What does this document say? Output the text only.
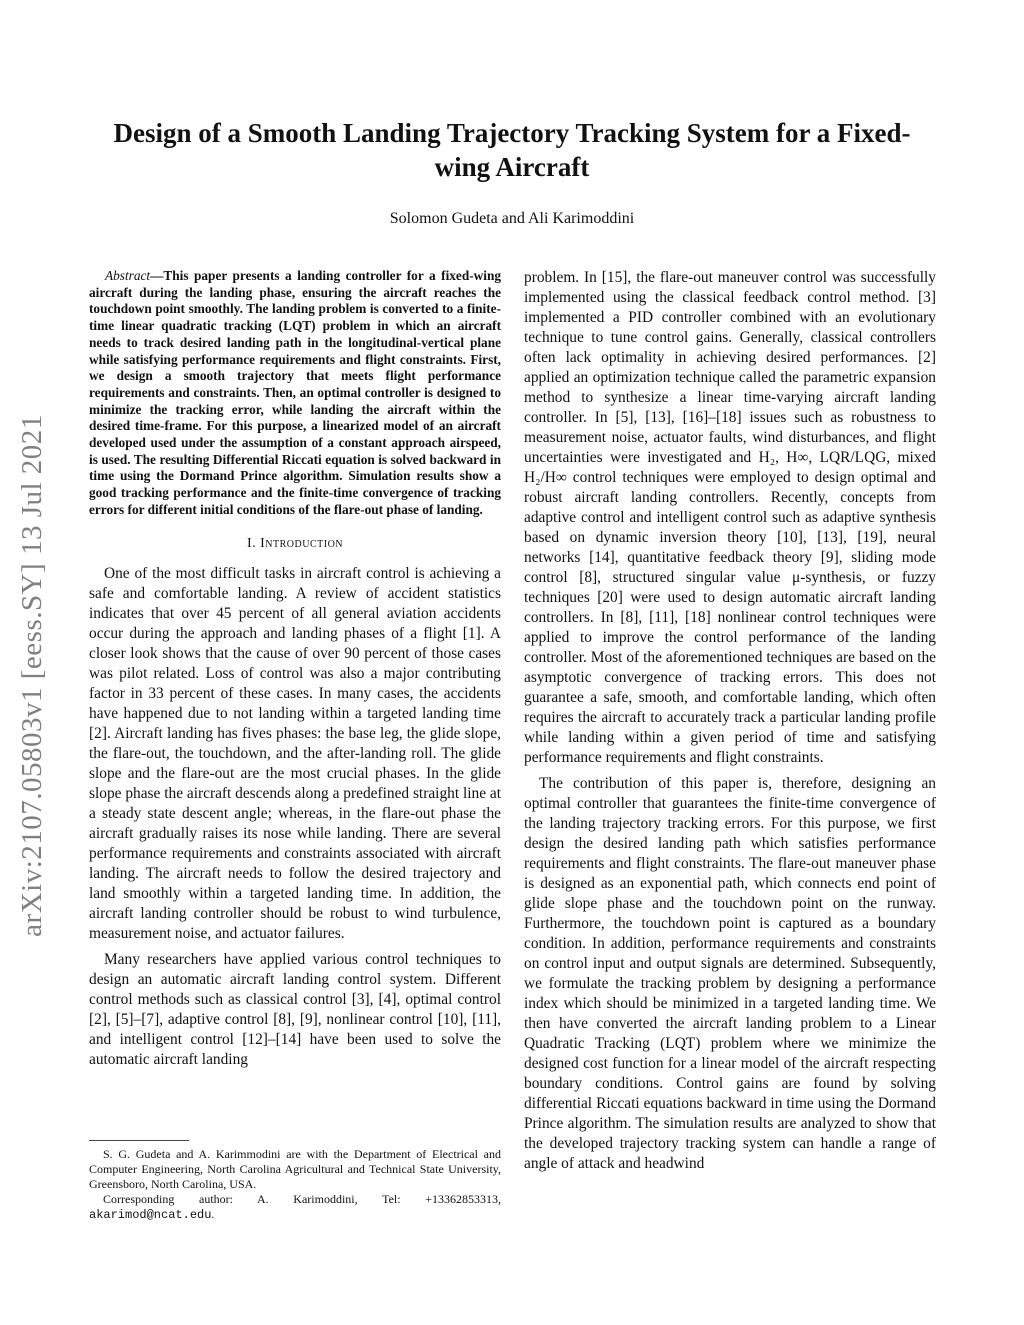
arXiv:2107.05803v1 [eess.SY] 13 Jul 2021
Design of a Smooth Landing Trajectory Tracking System for a Fixed-wing Aircraft
Solomon Gudeta and Ali Karimoddini

Abstract—This paper presents a landing controller for a fixed-wing aircraft during the landing phase, ensuring the aircraft reaches the touchdown point smoothly. The landing problem is converted to a finite-time linear quadratic tracking (LQT) problem in which an aircraft needs to track desired landing path in the longitudinal-vertical plane while satisfying performance requirements and flight constraints. First, we design a smooth trajectory that meets flight performance requirements and constraints. Then, an optimal controller is designed to minimize the tracking error, while landing the aircraft within the desired time-frame. For this purpose, a linearized model of an aircraft developed used under the assumption of a constant approach airspeed, is used. The resulting Differential Riccati equation is solved backward in time using the Dormand Prince algorithm. Simulation results show a good tracking performance and the finite-time convergence of tracking errors for different initial conditions of the flare-out phase of landing.

I. Introduction

One of the most difficult tasks in aircraft control is achieving a safe and comfortable landing. A review of accident statistics indicates that over 45 percent of all general aviation accidents occur during the approach and landing phases of a flight [1]. A closer look shows that the cause of over 90 percent of those cases was pilot related. Loss of control was also a major contributing factor in 33 percent of these cases. In many cases, the accidents have happened due to not landing within a targeted landing time [2]. Aircraft landing has fives phases: the base leg, the glide slope, the flare-out, the touchdown, and the after-landing roll. The glide slope and the flare-out are the most crucial phases. In the glide slope phase the aircraft descends along a predefined straight line at a steady state descent angle; whereas, in the flare-out phase the aircraft gradually raises its nose while landing. There are several performance requirements and constraints associated with aircraft landing. The aircraft needs to follow the desired trajectory and land smoothly within a targeted landing time. In addition, the aircraft landing controller should be robust to wind turbulence, measurement noise, and actuator failures.

Many researchers have applied various control techniques to design an automatic aircraft landing control system. Different control methods such as classical control [3], [4], optimal control [2], [5]–[7], adaptive control [8], [9], nonlinear control [10], [11], and intelligent control [12]–[14] have been used to solve the automatic aircraft landing

problem. In [15], the flare-out maneuver control was successfully implemented using the classical feedback control method. [3] implemented a PID controller combined with an evolutionary technique to tune control gains. Generally, classical controllers often lack optimality in achieving desired performances. [2] applied an optimization technique called the parametric expansion method to synthesize a linear time-varying aircraft landing controller. In [5], [13], [16]–[18] issues such as robustness to measurement noise, actuator faults, wind disturbances, and flight uncertainties were investigated and H₂, H∞, LQR/LQG, mixed H₂/H∞ control techniques were employed to design optimal and robust aircraft landing controllers. Recently, concepts from adaptive control and intelligent control such as adaptive synthesis based on dynamic inversion theory [10], [13], [19], neural networks [14], quantitative feedback theory [9], sliding mode control [8], structured singular value μ-synthesis, or fuzzy techniques [20] were used to design automatic aircraft landing controllers. In [8], [11], [18] nonlinear control techniques were applied to improve the control performance of the landing controller. Most of the aforementioned techniques are based on the asymptotic convergence of tracking errors. This does not guarantee a safe, smooth, and comfortable landing, which often requires the aircraft to accurately track a particular landing profile while landing within a given period of time and satisfying performance requirements and flight constraints.

The contribution of this paper is, therefore, designing an optimal controller that guarantees the finite-time convergence of the landing trajectory tracking errors. For this purpose, we first design the desired landing path which satisfies performance requirements and flight constraints. The flare-out maneuver phase is designed as an exponential path, which connects end point of glide slope phase and the touchdown point on the runway. Furthermore, the touchdown point is captured as a boundary condition. In addition, performance requirements and constraints on control input and output signals are determined. Subsequently, we formulate the tracking problem by designing a performance index which should be minimized in a targeted landing time. We then have converted the aircraft landing problem to a Linear Quadratic Tracking (LQT) problem where we minimize the designed cost function for a linear model of the aircraft respecting boundary conditions. Control gains are found by solving differential Riccati equations backward in time using the Dormand Prince algorithm. The simulation results are analyzed to show that the developed trajectory tracking system can handle a range of angle of attack and headwind

S. G. Gudeta and A. Karimmodini are with the Department of Electrical and Computer Engineering, North Carolina Agricultural and Technical State University, Greensboro, North Carolina, USA.

Corresponding author: A. Karimoddini, Tel: +13362853313, akarimod@ncat.edu.
